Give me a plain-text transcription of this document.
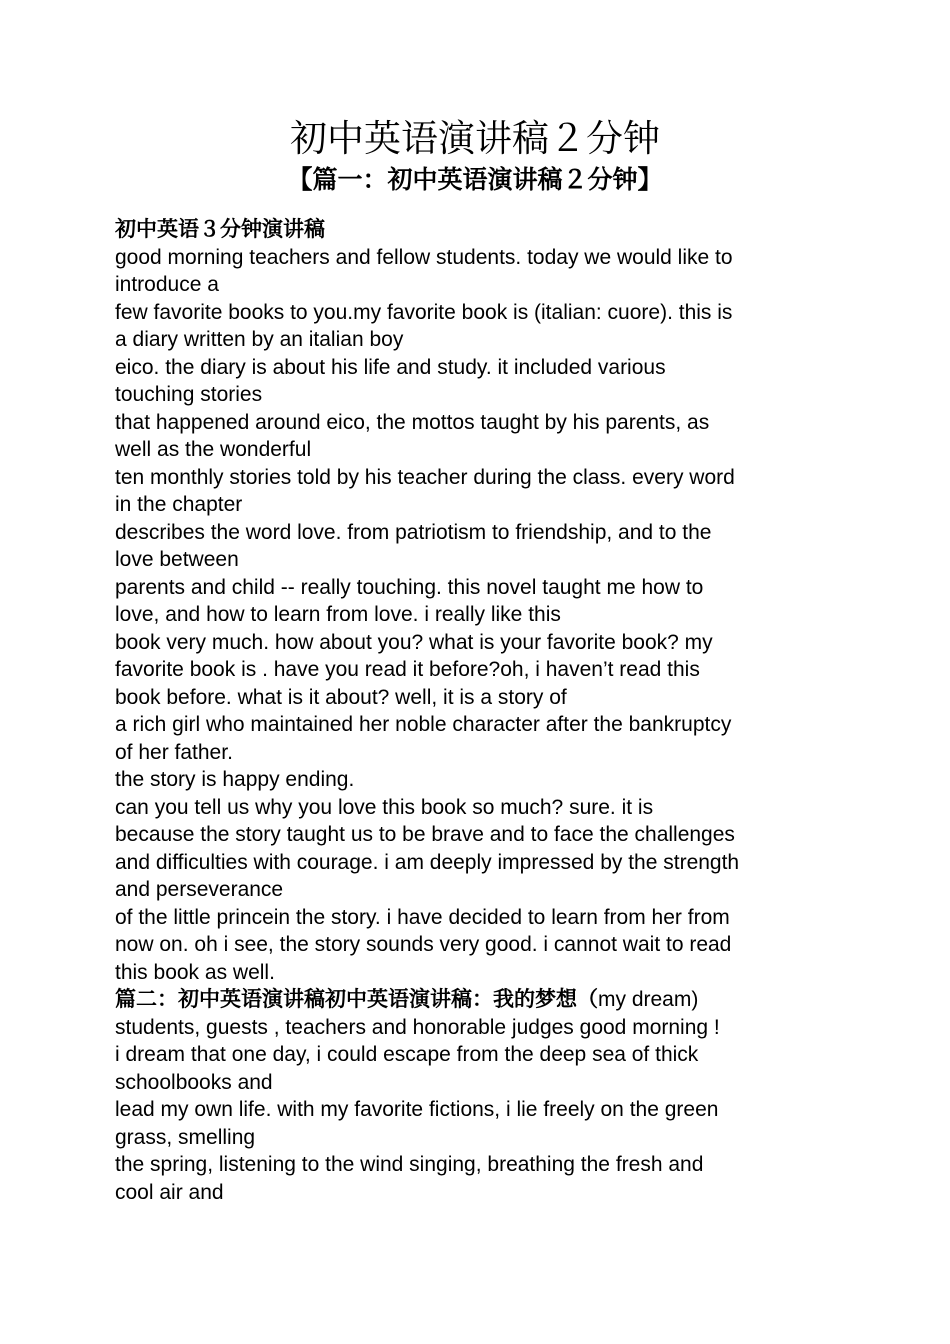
初中英语演讲稿２分钟
【篇一：初中英语演讲稿２分钟】
初中英语３分钟演讲稿
good morning teachers and fellow students. today we would like to
introduce a
few favorite books to you.my favorite book is (italian: cuore). this is
a diary written by an italian boy
eico. the diary is about his life and study. it included various
touching stories
that happened around eico, the mottos taught by his parents, as
well as the wonderful
ten monthly stories told by his teacher during the class. every word
in the chapter
describes the word love. from patriotism to friendship, and to the
love between
parents and child -- really touching. this novel taught me how to
love, and how to learn from love. i really like this
book very much. how about you? what is your favorite book? my
favorite book is . have you read it before?oh, i haven’t read this
book before. what is it about? well, it is a story of
a rich girl who maintained her noble character after the bankruptcy
of her father.
the story is happy ending.
can you tell us why you love this book so much? sure. it is
because the story taught us to be brave and to face the challenges
and difficulties with courage. i am deeply impressed by the strength
and perseverance
of the little princein the story. i have decided to learn from her from
now on. oh i see, the story sounds very good. i cannot wait to read
this book as well.
篇二：初中英语演讲稿初中英语演讲稿：我的梦想（my dream)
students, guests , teachers and honorable judges good morning !
i dream that one day, i could escape from the deep sea of thick
schoolbooks and
lead my own life. with my favorite fictions, i lie freely on the green
grass, smelling
the spring, listening to the wind singing, breathing the fresh and
cool air and
